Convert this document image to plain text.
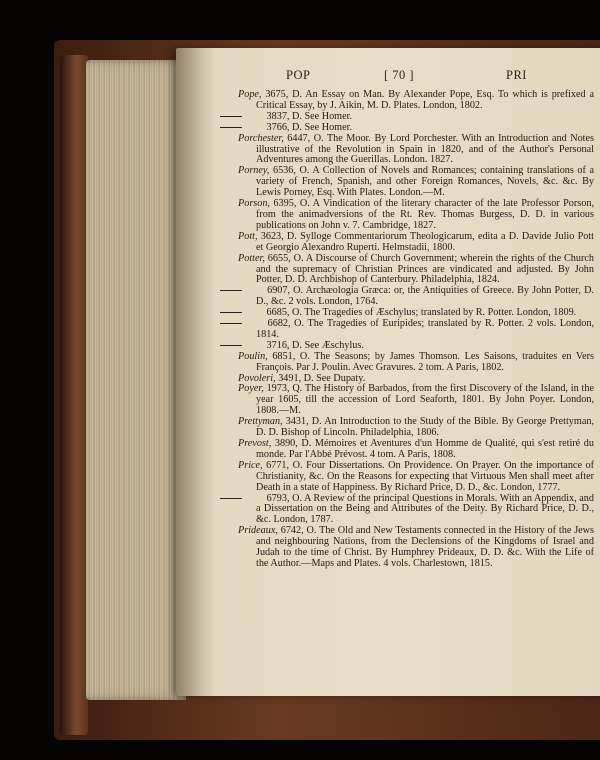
POP	[ 70 ]	PRI

Pope, 3675, D. An Essay on Man. By Alexander Pope, Esq. To which is prefixed a Critical Essay, by J. Aikin, M. D. Plates. London, 1802.

3837, D. See Homer.

3766, D. See Homer.

Porchester, 6447, O. The Moor. By Lord Porchester. With an Introduction and Notes illustrative of the Revolution in Spain in 1820, and of the Author's Personal Adventures among the Guerillas. London. 1827.

Porney, 6536, O. A Collection of Novels and Romances; containing translations of a variety of French, Spanish, and other Foreign Romances, Novels, &c. &c. By Lewis Porney, Esq. With Plates. London.—M.

Porson, 6395, O. A Vindication of the literary character of the late Professor Porson, from the animadversions of the Rt. Rev. Thomas Burgess, D. D. in various publications on John v. 7. Cambridge, 1827.

Pott, 3623, D. Sylloge Commentariorum Theologicarum, edita a D. Davide Julio Pott et Georgio Alexandro Ruperti. Helmstadii, 1800.

Potter, 6655, O. A Discourse of Church Government; wherein the rights of the Church and the supremacy of Christian Princes are vindicated and adjusted. By John Potter, D. D. Archbishop of Canterbury. Philadelphia, 1824.

6907, O. Archæologia Græca: or, the Antiquities of Greece. By John Potter, D. D., &c. 2 vols. London, 1764.

6685, O. The Tragedies of Æschylus; translated by R. Potter. London, 1809.

6682, O. The Tragedies of Euripides; translated by R. Potter. 2 vols. London, 1814.

3716, D. See Æschylus.

Poulin, 6851, O. The Seasons; by James Thomson. Les Saisons, traduites en Vers François. Par J. Poulin. Avec Gravures. 2 tom. A Paris, 1802.

Povoleri, 3491, D. See Dupaty.

Poyer, 1973, Q. The History of Barbados, from the first Discovery of the Island, in the year 1605, till the accession of Lord Seaforth, 1801. By John Poyer. London, 1808.—M.

Prettyman, 3431, D. An Introduction to the Study of the Bible. By George Prettyman, D. D. Bishop of Lincoln. Philadelphia, 1806.

Prevost, 3890, D. Mémoires et Aventures d'un Homme de Qualité, qui s'est retiré du monde. Par l'Abbé Prévost. 4 tom. A Paris, 1808.

Price, 6771, O. Four Dissertations. On Providence. On Prayer. On the importance of Christianity, &c. On the Reasons for expecting that Virtuous Men shall meet after Death in a state of Happiness. By Richard Price, D. D., &c. London, 1777.

6793, O. A Review of the principal Questions in Morals. With an Appendix, and a Dissertation on the Being and Attributes of the Deity. By Richard Price, D. D., &c. London, 1787.

Prideaux, 6742, O. The Old and New Testaments connected in the History of the Jews and neighbouring Nations, from the Declensions of the Kingdoms of Israel and Judah to the time of Christ. By Humphrey Prideaux, D. D. &c. With the Life of the Author.—Maps and Plates. 4 vols. Charlestown, 1815.
